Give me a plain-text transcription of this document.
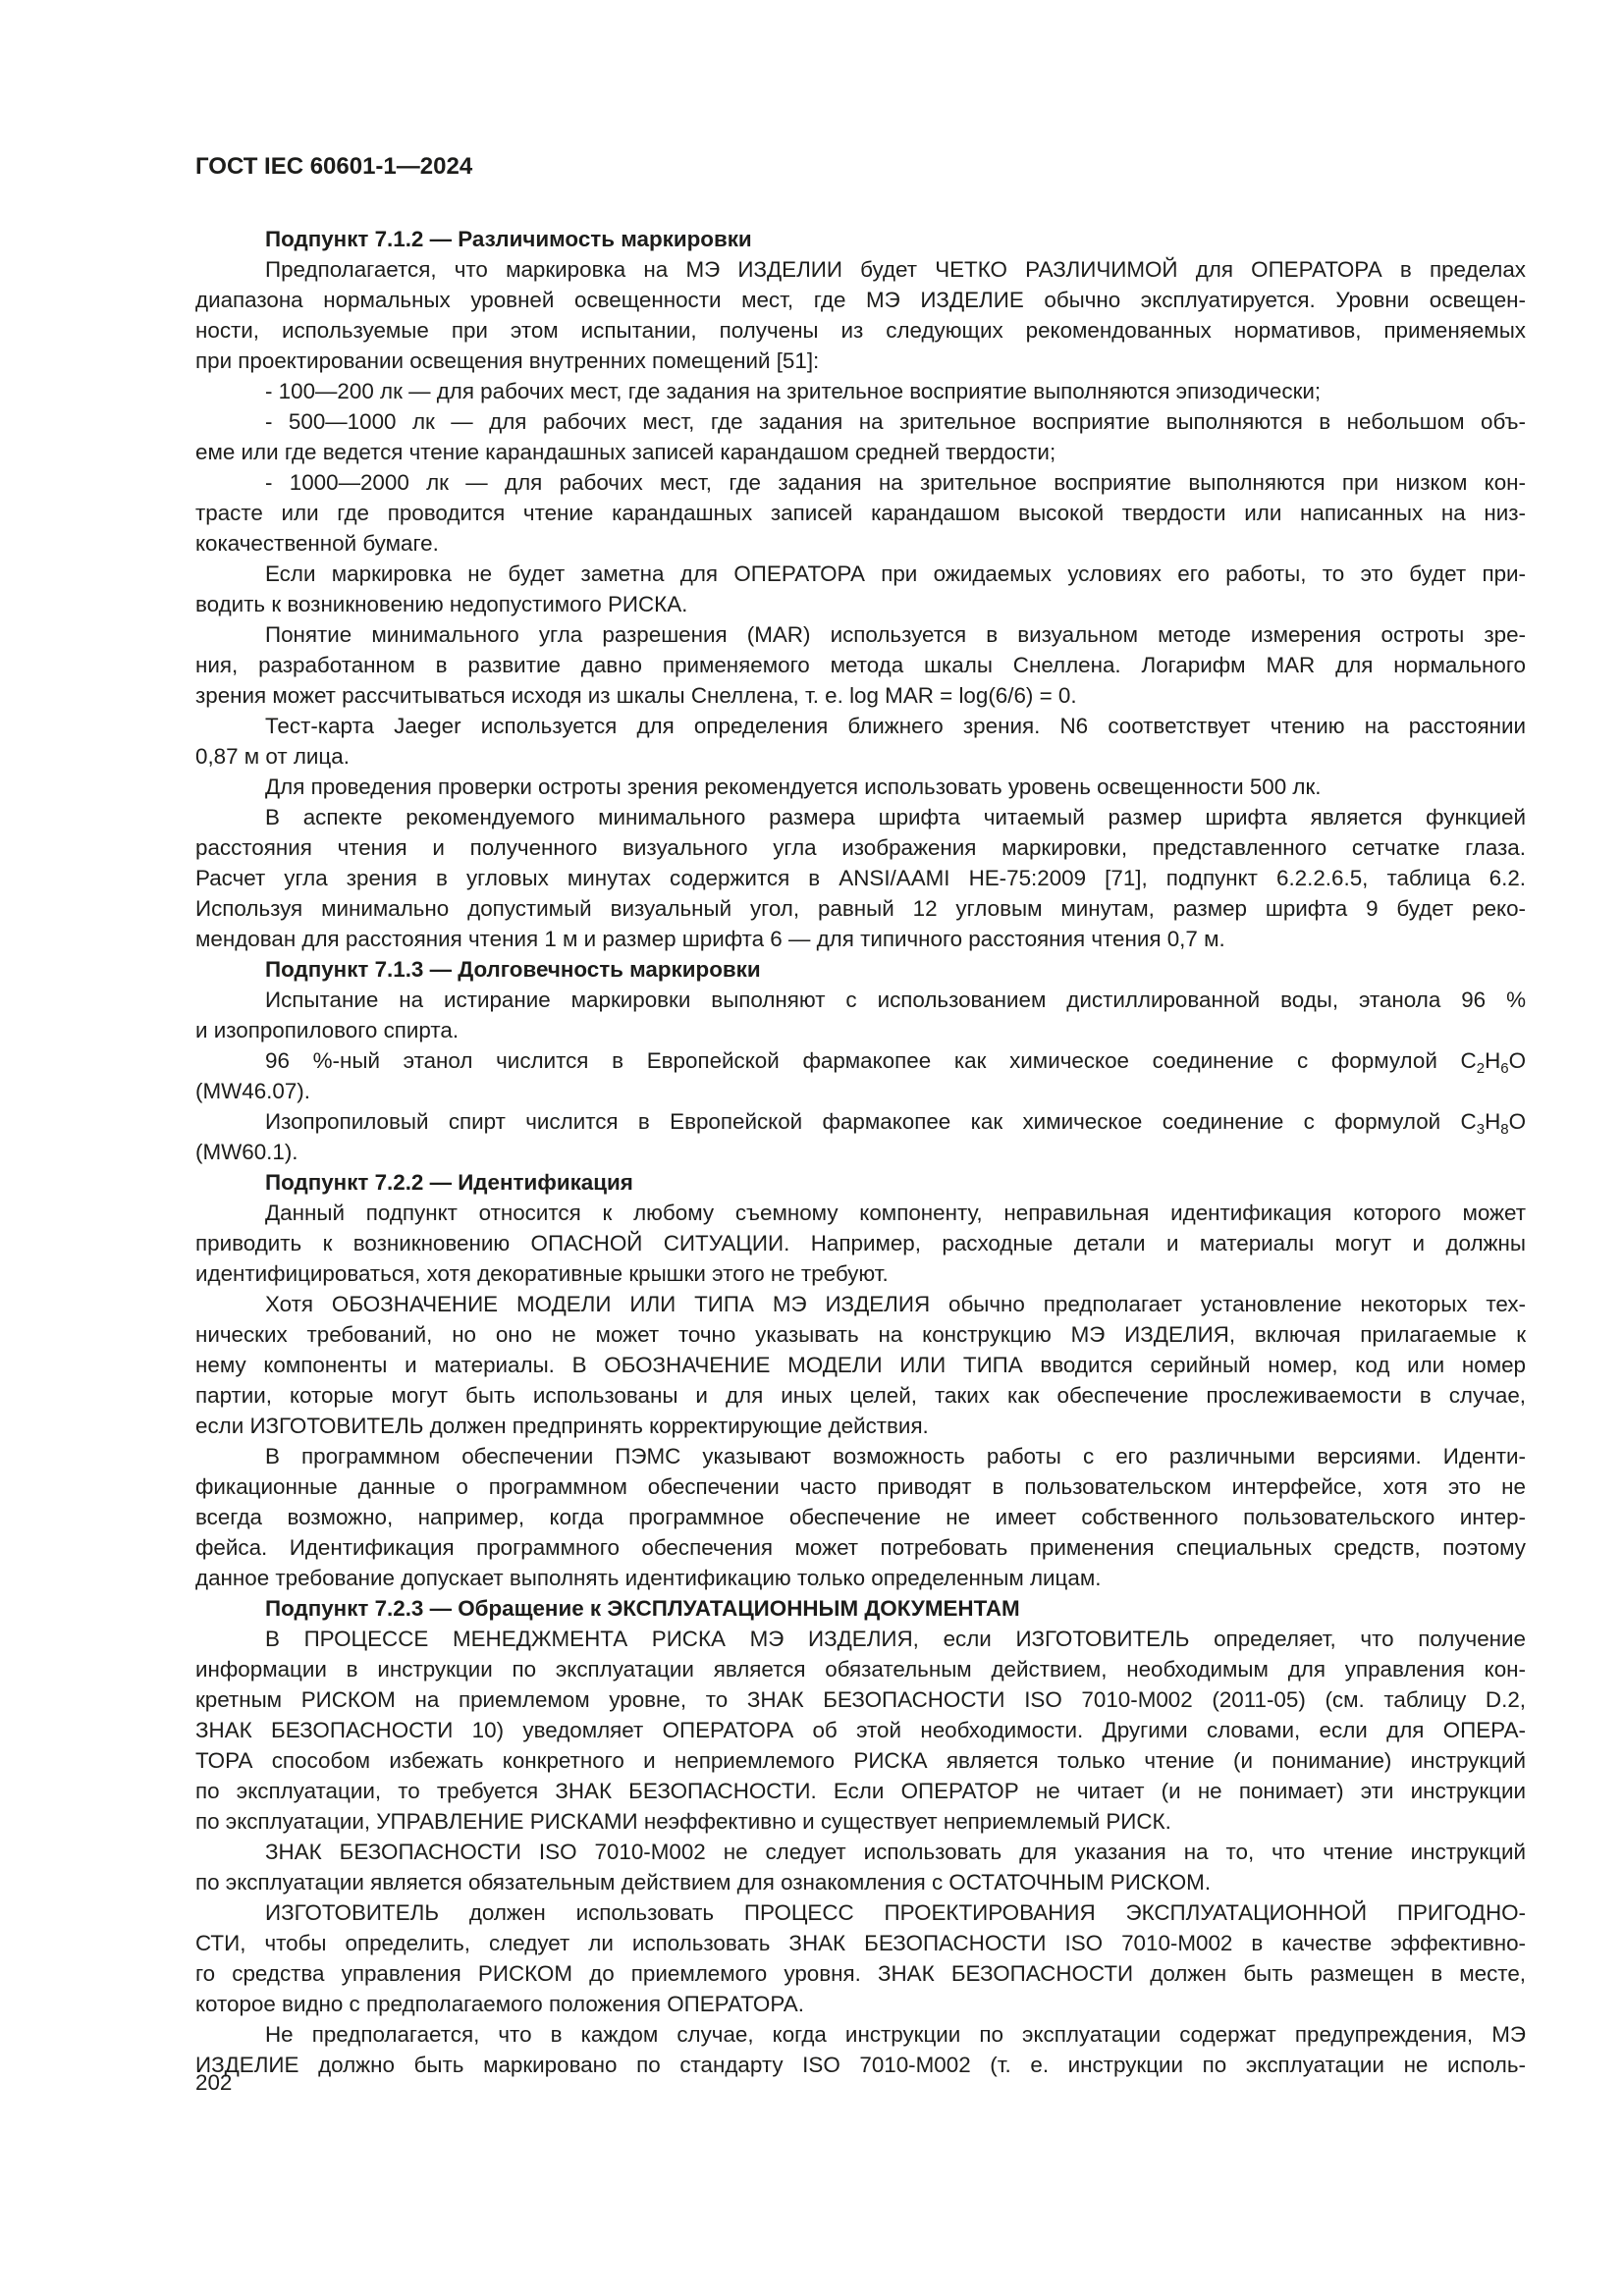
ГОСТ IEC 60601-1—2024
Подпункт 7.1.2 — Различимость маркировки
Предполагается, что маркировка на МЭ ИЗДЕЛИИ будет ЧЕТКО РАЗЛИЧИМОЙ для ОПЕРАТОРА в пределах
диапазона нормальных уровней освещенности мест, где МЭ ИЗДЕЛИЕ обычно эксплуатируется. Уровни освещен-
ности, используемые при этом испытании, получены из следующих рекомендованных нормативов, применяемых
при проектировании освещения внутренних помещений [51]:
- 100—200 лк — для рабочих мест, где задания на зрительное восприятие выполняются эпизодически;
- 500—1000 лк — для рабочих мест, где задания на зрительное восприятие выполняются в небольшом объ-
еме или где ведется чтение карандашных записей карандашом средней твердости;
- 1000—2000 лк — для рабочих мест, где задания на зрительное восприятие выполняются при низком кон-
трасте или где проводится чтение карандашных записей карандашом высокой твердости или написанных на низ-
кокачественной бумаге.
Если маркировка не будет заметна для ОПЕРАТОРА при ожидаемых условиях его работы, то это будет при-
водить к возникновению недопустимого РИСКА.
Понятие минимального угла разрешения (MAR) используется в визуальном методе измерения остроты зре-
ния, разработанном в развитие давно применяемого метода шкалы Снеллена. Логарифм MAR для нормального
зрения может рассчитываться исходя из шкалы Снеллена, т. е. log MAR = log(6/6) = 0.
Тест-карта Jaeger используется для определения ближнего зрения. N6 соответствует чтению на расстоянии
0,87 м от лица.
Для проведения проверки остроты зрения рекомендуется использовать уровень освещенности 500 лк.
В аспекте рекомендуемого минимального размера шрифта читаемый размер шрифта является функцией
расстояния чтения и полученного визуального угла изображения маркировки, представленного сетчатке глаза.
Расчет угла зрения в угловых минутах содержится в ANSI/AAMI HE-75:2009 [71], подпункт 6.2.2.6.5, таблица 6.2.
Используя минимально допустимый визуальный угол, равный 12 угловым минутам, размер шрифта 9 будет реко-
мендован для расстояния чтения 1 м и размер шрифта 6 — для типичного расстояния чтения 0,7 м.
Подпункт 7.1.3 — Долговечность маркировки
Испытание на истирание маркировки выполняют с использованием дистиллированной воды, этанола 96 %
и изопропилового спирта.
96 %-ный этанол числится в Европейской фармакопее как химическое соединение с формулой $C_2H_6O$
(MW46.07).
Изопропиловый спирт числится в Европейской фармакопее как химическое соединение с формулой $C_3H_8O$
(MW60.1).
Подпункт 7.2.2 — Идентификация
Данный подпункт относится к любому съемному компоненту, неправильная идентификация которого может
приводить к возникновению ОПАСНОЙ СИТУАЦИИ. Например, расходные детали и материалы могут и должны
идентифицироваться, хотя декоративные крышки этого не требуют.
Хотя ОБОЗНАЧЕНИЕ МОДЕЛИ ИЛИ ТИПА МЭ ИЗДЕЛИЯ обычно предполагает установление некоторых тех-
нических требований, но оно не может точно указывать на конструкцию МЭ ИЗДЕЛИЯ, включая прилагаемые к
нему компоненты и материалы. В ОБОЗНАЧЕНИЕ МОДЕЛИ ИЛИ ТИПА вводится серийный номер, код или номер
партии, которые могут быть использованы и для иных целей, таких как обеспечение прослеживаемости в случае,
если ИЗГОТОВИТЕЛЬ должен предпринять корректирующие действия.
В программном обеспечении ПЭМС указывают возможность работы с его различными версиями. Иденти-
фикационные данные о программном обеспечении часто приводят в пользовательском интерфейсе, хотя это не
всегда возможно, например, когда программное обеспечение не имеет собственного пользовательского интер-
фейса. Идентификация программного обеспечения может потребовать применения специальных средств, поэтому
данное требование допускает выполнять идентификацию только определенным лицам.
Подпункт 7.2.3 — Обращение к ЭКСПЛУАТАЦИОННЫМ ДОКУМЕНТАМ
В ПРОЦЕССЕ МЕНЕДЖМЕНТА РИСКА МЭ ИЗДЕЛИЯ, если ИЗГОТОВИТЕЛЬ определяет, что получение
информации в инструкции по эксплуатации является обязательным действием, необходимым для управления кон-
кретным РИСКОМ на приемлемом уровне, то ЗНАК БЕЗОПАСНОСТИ ISO 7010-M002 (2011-05) (см. таблицу D.2,
ЗНАК БЕЗОПАСНОСТИ 10) уведомляет ОПЕРАТОРА об этой необходимости. Другими словами, если для ОПЕРА-
ТОРА способом избежать конкретного и неприемлемого РИСКА является только чтение (и понимание) инструкций
по эксплуатации, то требуется ЗНАК БЕЗОПАСНОСТИ. Если ОПЕРАТОР не читает (и не понимает) эти инструкции
по эксплуатации, УПРАВЛЕНИЕ РИСКАМИ неэффективно и существует неприемлемый РИСК.
ЗНАК БЕЗОПАСНОСТИ ISO 7010-M002 не следует использовать для указания на то, что чтение инструкций
по эксплуатации является обязательным действием для ознакомления с ОСТАТОЧНЫМ РИСКОМ.
ИЗГОТОВИТЕЛЬ должен использовать ПРОЦЕСС ПРОЕКТИРОВАНИЯ ЭКСПЛУАТАЦИОННОЙ ПРИГОДНО-
СТИ, чтобы определить, следует ли использовать ЗНАК БЕЗОПАСНОСТИ ISO 7010-M002 в качестве эффективно-
го средства управления РИСКОМ до приемлемого уровня. ЗНАК БЕЗОПАСНОСТИ должен быть размещен в месте,
которое видно с предполагаемого положения ОПЕРАТОРА.
Не предполагается, что в каждом случае, когда инструкции по эксплуатации содержат предупреждения, МЭ
ИЗДЕЛИЕ должно быть маркировано по стандарту ISO 7010-M002 (т. е. инструкции по эксплуатации не исполь-
202
